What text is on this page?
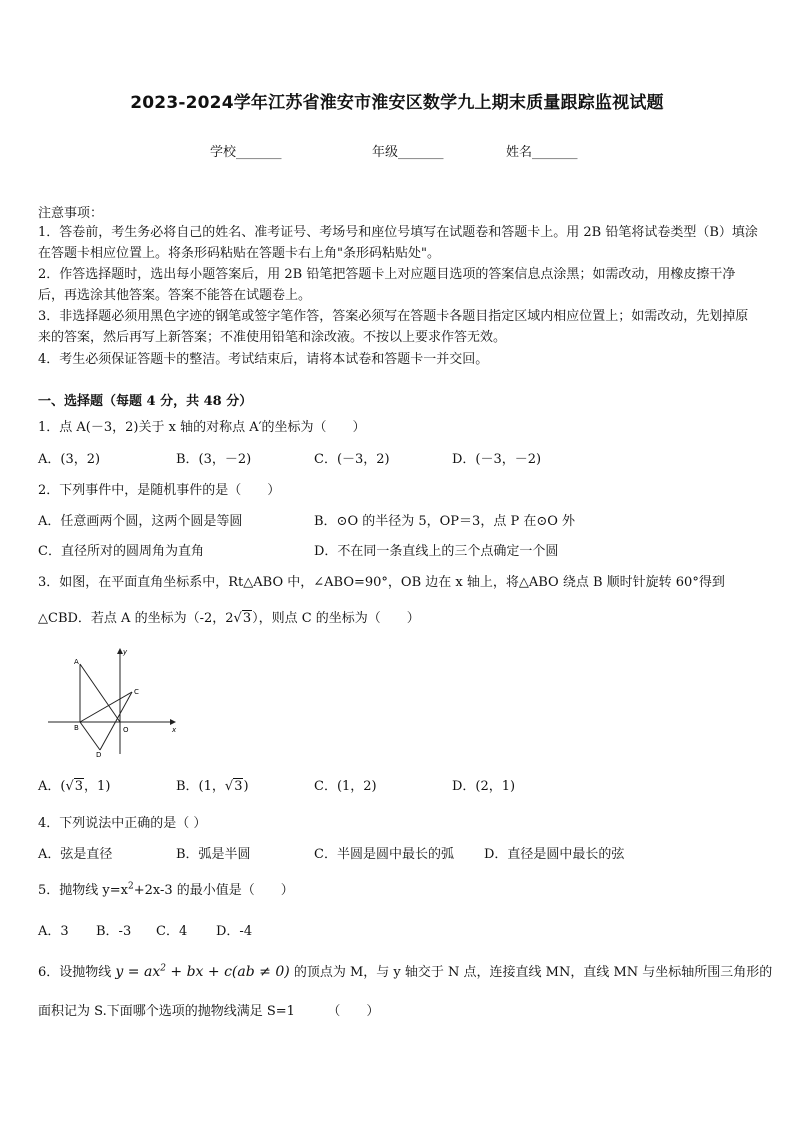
2023-2024学年江苏省淮安市淮安区数学九上期末质量跟踪监视试题
学校_______	年级_______	姓名_______
注意事项：
1．答卷前，考生务必将自己的姓名、准考证号、考场号和座位号填写在试题卷和答题卡上。用 2B 铅笔将试卷类型（B）填涂在答题卡相应位置上。将条形码粘贴在答题卡右上角"条形码粘贴处"。
2．作答选择题时，选出每小题答案后，用 2B 铅笔把答题卡上对应题目选项的答案信息点涂黑；如需改动，用橡皮擦干净后，再选涂其他答案。答案不能答在试题卷上。
3．非选择题必须用黑色字迹的钢笔或签字笔作答，答案必须写在答题卡各题目指定区域内相应位置上；如需改动，先划掉原来的答案，然后再写上新答案；不准使用铅笔和涂改液。不按以上要求作答无效。
4．考生必须保证答题卡的整洁。考试结束后，请将本试卷和答题卡一并交回。
一、选择题（每题 4 分，共 48 分）
1．点 A(－3，2)关于 x 轴的对称点 A′的坐标为（　　）
A．(3，2)	B．(3，－2)	C．(－3，2)	D．(－3，－2)
2．下列事件中，是随机事件的是（　　）
A．任意画两个圆，这两个圆是等圆	B．⊙O 的半径为 5，OP＝3，点 P 在⊙O 外
C．直径所对的圆周角为直角	D．不在同一条直线上的三个点确定一个圆
3．如图，在平面直角坐标系中，Rt△ABO 中，∠ABO=90°，OB 边在 x 轴上，将△ABO 绕点 B 顺时针旋转 60°得到
△CBD．若点 A 的坐标为（-2，2√3），则点 C 的坐标为（　　）
A
B
C
D
O	x
y
A．(√3，1)	B．(1，√3)	C．(1，2)	D．(2，1)
4．下列说法中正确的是（ ）
A．弦是直径	B．弧是半圆	C．半圆是圆中最长的弧 D．直径是圆中最长的弦
5．抛物线 $y=x^2+2x-3$ 的最小值是（　　）
A．3 B．-3 C．4 D．-4
6．设抛物线 $y = ax^2$ + bx + c(ab ≠ 0) 的顶点为 M，与 y 轴交于 N 点，连接直线 MN，直线 MN 与坐标轴所围三角形的
面积记为 S.下面哪个选项的抛物线满足 S=1　　　（　　）
